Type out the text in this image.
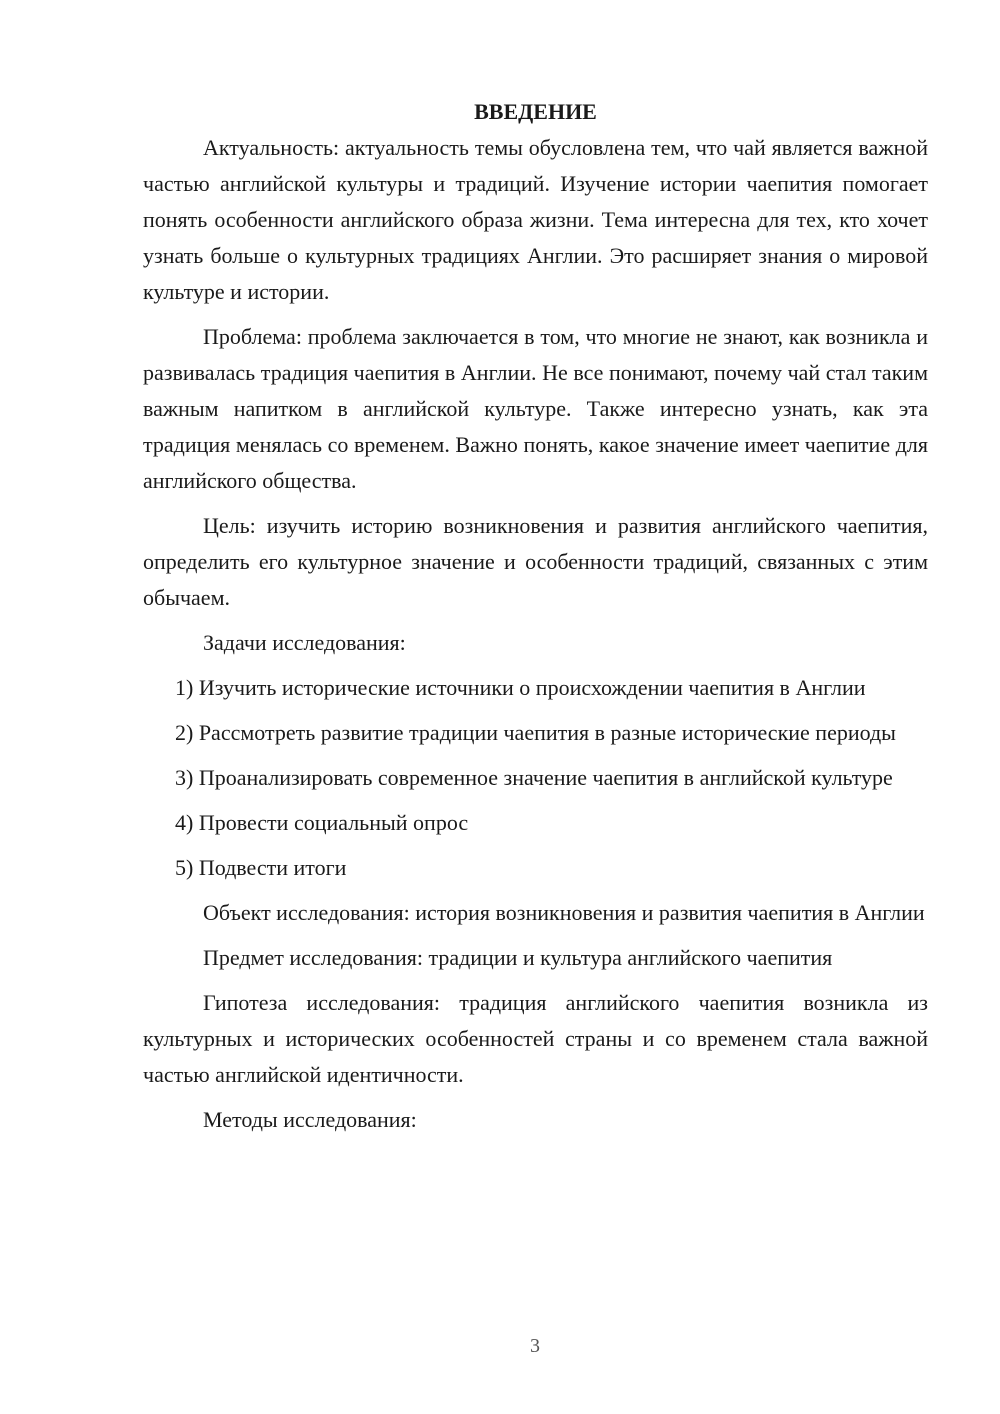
ВВЕДЕНИЕ

Актуальность: актуальность темы обусловлена тем, что чай является важной частью английской культуры и традиций. Изучение истории чаепития помогает понять особенности английского образа жизни. Тема интересна для тех, кто хочет узнать больше о культурных традициях Англии. Это расширяет знания о мировой культуре и истории.

Проблема: проблема заключается в том, что многие не знают, как возникла и развивалась традиция чаепития в Англии. Не все понимают, почему чай стал таким важным напитком в английской культуре. Также интересно узнать, как эта традиция менялась со временем. Важно понять, какое значение имеет чаепитие для английского общества.

Цель: изучить историю возникновения и развития английского чаепития, определить его культурное значение и особенности традиций, связанных с этим обычаем.

Задачи исследования:

1) Изучить исторические источники о происхождении чаепития в Англии

2) Рассмотреть развитие традиции чаепития в разные исторические периоды

3) Проанализировать современное значение чаепития в английской культуре

4) Провести социальный опрос

5) Подвести итоги

Объект исследования: история возникновения и развития чаепития в Англии

Предмет исследования: традиции и культура английского чаепития

Гипотеза исследования: традиция английского чаепития возникла из культурных и исторических особенностей страны и со временем стала важной частью английской идентичности.

Методы исследования:

3
